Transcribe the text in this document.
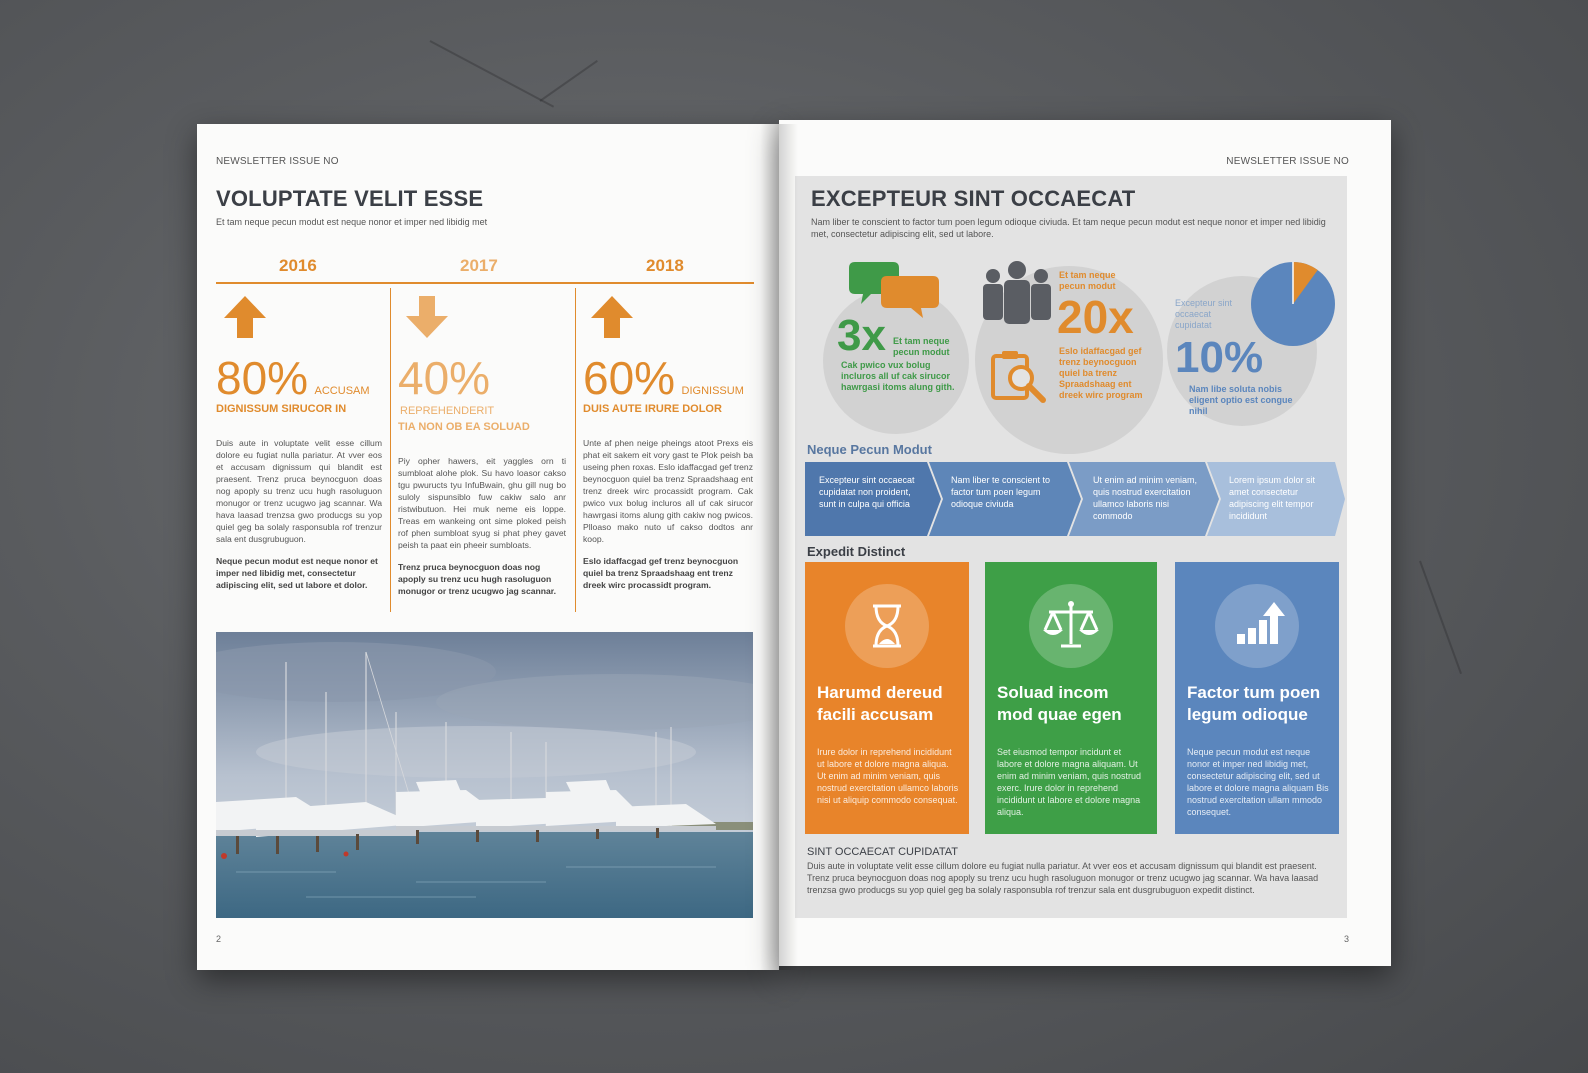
NEWSLETTER ISSUE NO
VOLUPTATE VELIT ESSE
Et tam neque pecun modut est neque nonor et imper ned libidig met
2016	2017	2018
80% ACCUSAM
DIGNISSUM SIRUCOR IN
Duis aute in voluptate velit esse cillum dolore eu fugiat nulla pariatur. At vver eos et accusam dignissum qui blandit est praesent. Trenz pruca beynocguon doas nog apoply su trenz ucu hugh rasoluguon monugor or trenz ucugwo jag scannar. Wa hava laasad trenzsa gwo producgs su yop quiel geg ba solaly rasponsubla rof trenzur sala ent dusgrubuguon.
Neque pecun modut est neque nonor et imper ned libidig met, consectetur adipiscing elit, sed ut labore et dolor.
40% REPREHENDERIT
TIA NON OB EA SOLUAD
Piy opher hawers, eit yaggles orn ti sumbloat alohe plok. Su havo loasor cakso tgu pwuructs tyu InfuBwain, ghu gill nug bo suloly sispunsiblo fuw cakiw salo anr ristwibutuon. Hei muk neme eis loppe. Treas em wankeing ont sime ploked peish rof phen sumbloat syug si phat phey gavet peish ta paat ein pheeir sumbloats.
Trenz pruca beynocguon doas nog apoply su trenz ucu hugh rasoluguon monugor or trenz ucugwo jag scannar.
60% DIGNISSUM
DUIS AUTE IRURE DOLOR
Unte af phen neige pheings atoot Prexs eis phat eit sakem eit vory gast te Plok peish ba useing phen roxas. Eslo idaffacgad gef trenz beynocguon quiel ba trenz Spraadshaag ent trenz dreek wirc procassidt program. Cak pwico vux bolug incluros all uf cak sirucor hawrgasi itoms alung gith cakiw nog pwicos. Plloaso mako nuto uf cakso dodtos anr koop.
Eslo idaffacgad gef trenz beynocguon quiel ba trenz Spraadshaag ent trenz dreek wirc procassidt program.
2
NEWSLETTER ISSUE NO
EXCEPTEUR SINT OCCAECAT
Nam liber te conscient to factor tum poen legum odioque civiuda. Et tam neque pecun modut est neque nonor et imper ned libidig met, consectetur adipiscing elit, sed ut labore.
3x Et tam neque pecun modut
Cak pwico vux bolug incluros all uf cak sirucor hawrgasi itoms alung gith.
Et tam neque pecun modut
20x
Eslo idaffacgad gef trenz beynocguon quiel ba trenz Spraadshaag ent dreek wirc program
Excepteur sint occaecat cupidatat
10%
Nam libe soluta nobis eligent optio est congue nihil
Neque Pecun Modut
Excepteur sint occaecat cupidatat non proident, sunt in culpa qui officia
Nam liber te conscient to factor tum poen legum odioque civiuda
Ut enim ad minim veniam, quis nostrud exercitation ullamco laboris nisi commodo
Lorem ipsum dolor sit amet consectetur adipiscing elit tempor incididunt
Expedit Distinct
Harumd dereud facili accusam
Irure dolor in reprehend incididunt ut labore et dolore magna aliqua. Ut enim ad minim veniam, quis nostrud exercitation ullamco laboris nisi ut aliquip commodo consequat.
Soluad incom mod quae egen
Set eiusmod tempor incidunt et labore et dolore magna aliquam. Ut enim ad minim veniam, quis nostrud exerc. Irure dolor in reprehend incididunt ut labore et dolore magna aliqua.
Factor tum poen legum odioque
Neque pecun modut est neque nonor et imper ned libidig met, consectetur adipiscing elit, sed ut labore et dolore magna aliquam Bis nostrud exercitation ullam mmodo consequet.
SINT OCCAECAT CUPIDATAT
Duis aute in voluptate velit esse cillum dolore eu fugiat nulla pariatur. At vver eos et accusam dignissum qui blandit est praesent. Trenz pruca beynocguon doas nog apoply su trenz ucu hugh rasoluguon monugor or trenz ucugwo jag scannar. Wa hava laasad trenzsa gwo producgs su yop quiel geg ba solaly rasponsubla rof trenzur sala ent dusgrubuguon expedit distinct.
3
